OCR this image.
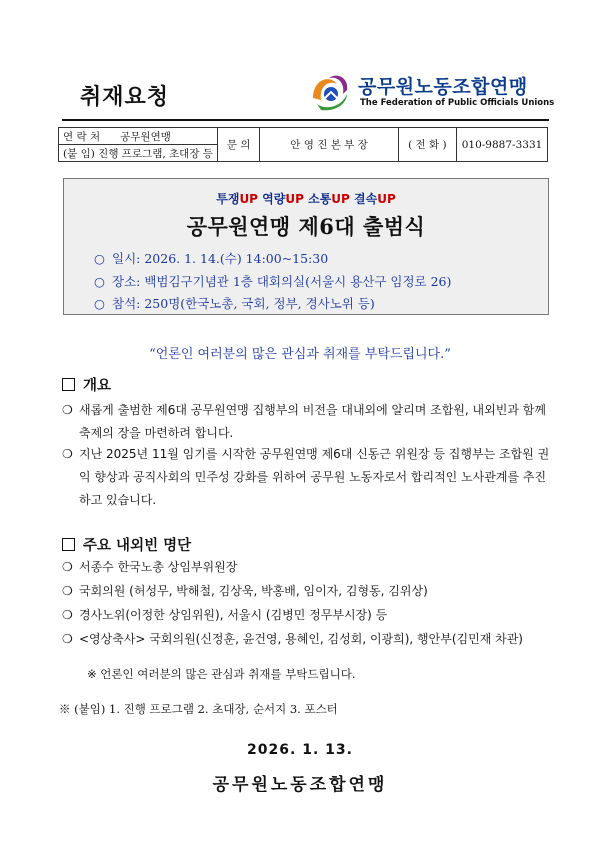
취재요청	공무원노동조합연맹
The Federation of Public Officials Unions
연 락 처 공무원연맹	문 의	안 영 진 본 부 장	( 전 화 )	010-9887-3331
(붙 임) 진행 프로그램, 초대장 등
투쟁UP 역량UP 소통UP 결속UP
공무원연맹 제6대 출범식
○ 일시: 2026. 1. 14.(수) 14:00~15:30
○ 장소: 백범김구기념관 1층 대회의실(서울시 용산구 임정로 26)
○ 참석: 250명(한국노총, 국회, 정부, 경사노위 등)
“언론인 여러분의 많은 관심과 취재를 부탁드립니다.”
개요
❍ 새롭게 출범한 제6대 공무원연맹 집행부의 비전을 대내외에 알리며 조합원, 내외빈과 함께 축제의 장을 마련하려 합니다.
❍ 지난 2025년 11월 임기를 시작한 공무원연맹 제6대 신동근 위원장 등 집행부는 조합원 권익 향상과 공직사회의 민주성 강화를 위하여 공무원 노동자로서 합리적인 노사관계를 추진하고 있습니다.
주요 내외빈 명단
❍ 서종수 한국노총 상임부위원장
❍ 국회의원 (허성무, 박해철, 김상욱, 박홍배, 임이자, 김형동, 김위상)
❍ 경사노위(이정한 상임위원), 서울시 (김병민 정무부시장) 등
❍ <영상축사> 국회의원(신정훈, 윤건영, 용혜인, 김성회, 이광희), 행안부(김민재 차관)
※ 언론인 여러분의 많은 관심과 취재를 부탁드립니다.
※ (붙임) 1. 진행 프로그램 2. 초대장, 순서지 3. 포스터
2026. 1. 13.
공무원노동조합연맹
